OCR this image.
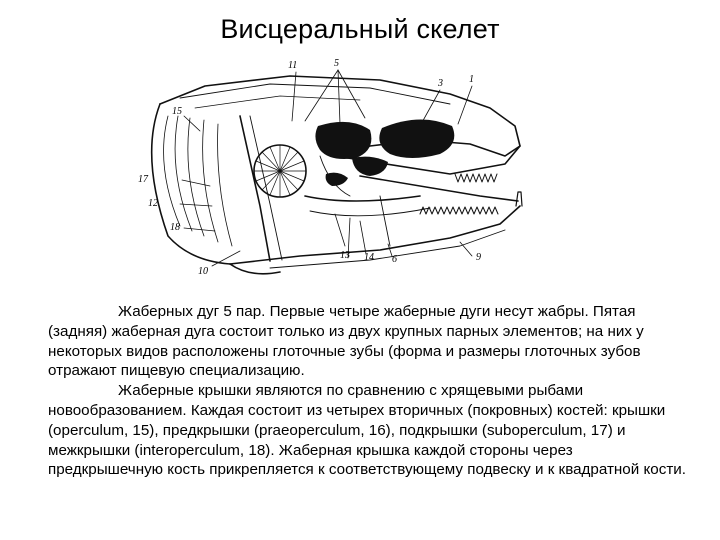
Висцеральный скелет
11	5
1
3
15
17
12
18
10
13 14 6	9

Жаберных дуг 5 пар. Первые четыре жаберные дуги несут жабры. Пятая (задняя) жаберная дуга состоит только из двух крупных парных элементов; на них у некоторых видов расположены глоточные зубы (форма и размеры глоточных зубов отражают пищевую специализацию.

Жаберные крышки являются по сравнению с хрящевыми рыбами новообразованием. Каждая состоит из четырех вторичных (покровных) костей: крышки (operculum, 15), предкрышки (praeoperculum, 16), подкрышки (suboperculum, 17) и межкрышки (interoperculum, 18). Жаберная крышка каждой стороны через предкрышечную кость прикрепляется к соответствующему подвеску и к квадратной кости.
